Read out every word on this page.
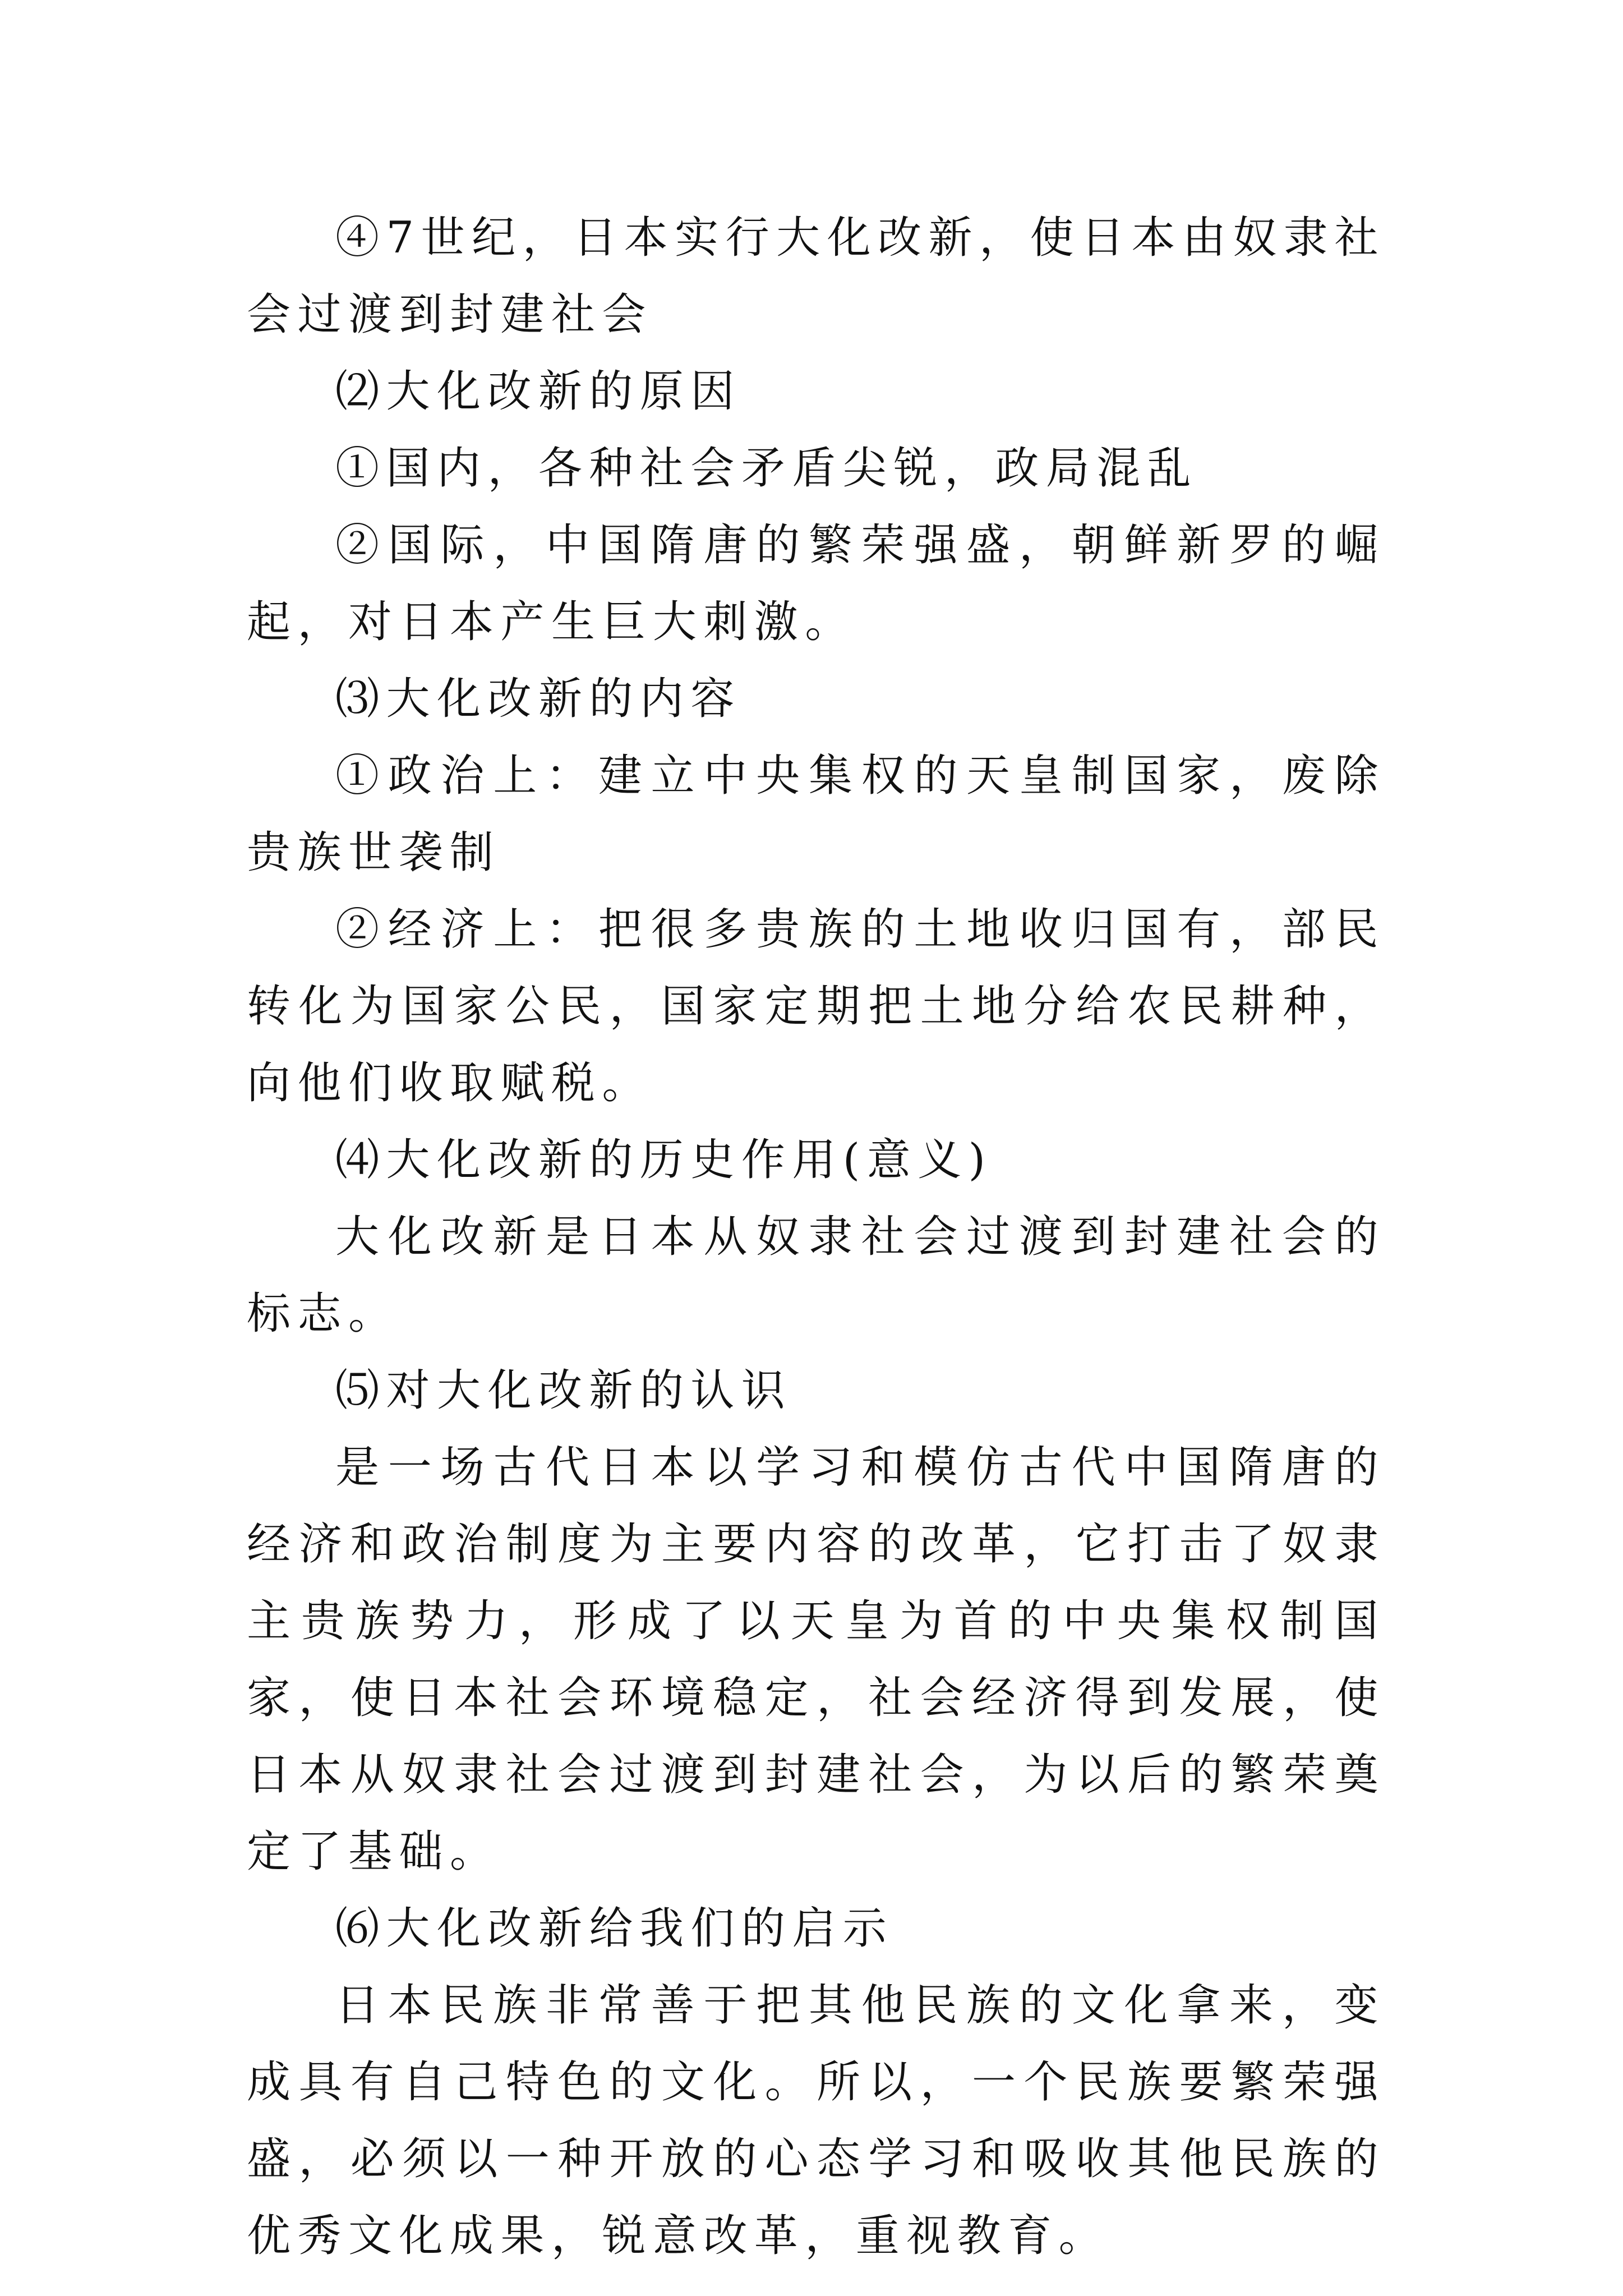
④7世纪，日本实行大化改新，使日本由奴隶社会过渡到封建社会

⑵大化改新的原因

①国内，各种社会矛盾尖锐，政局混乱

②国际，中国隋唐的繁荣强盛，朝鲜新罗的崛起，对日本产生巨大刺激。

⑶大化改新的内容

①政治上：建立中央集权的天皇制国家，废除贵族世袭制

②经济上：把很多贵族的土地收归国有，部民转化为国家公民，国家定期把土地分给农民耕种，向他们收取赋税。

⑷大化改新的历史作用(意义)

大化改新是日本从奴隶社会过渡到封建社会的标志。

⑸对大化改新的认识

是一场古代日本以学习和模仿古代中国隋唐的经济和政治制度为主要内容的改革，它打击了奴隶主贵族势力，形成了以天皇为首的中央集权制国家，使日本社会环境稳定，社会经济得到发展，使日本从奴隶社会过渡到封建社会，为以后的繁荣奠定了基础。

⑹大化改新给我们的启示

日本民族非常善于把其他民族的文化拿来，变成具有自己特色的文化。所以，一个民族要繁荣强盛，必须以一种开放的心态学习和吸收其他民族的优秀文化成果，锐意改革，重视教育。
